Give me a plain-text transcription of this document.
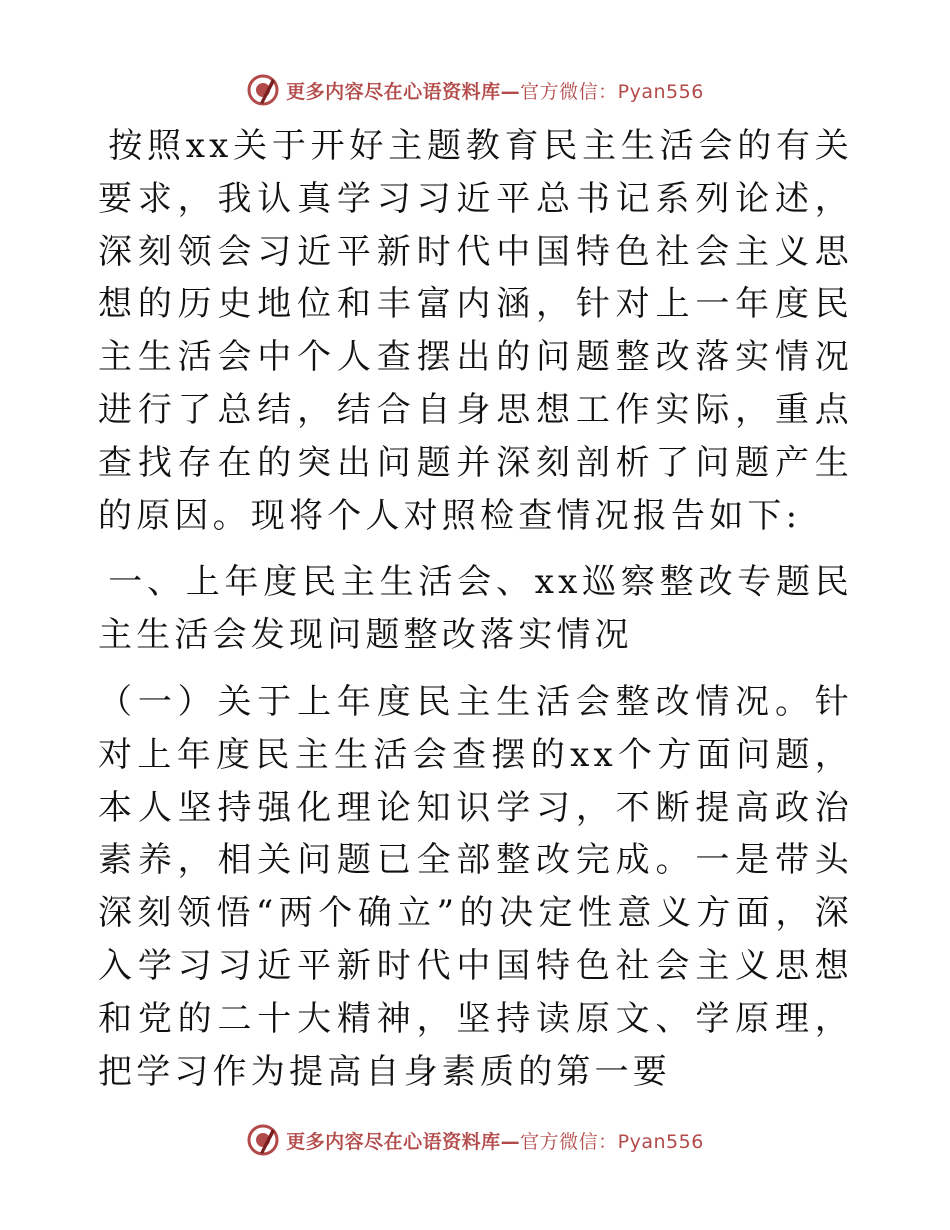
更多内容尽在心语资料库—官方微信：Pyan556

按照xx关于开好主题教育民主生活会的有关要求，我认真学习习近平总书记系列论述，深刻领会习近平新时代中国特色社会主义思想的历史地位和丰富内涵，针对上一年度民主生活会中个人查摆出的问题整改落实情况进行了总结，结合自身思想工作实际，重点查找存在的突出问题并深刻剖析了问题产生的原因。现将个人对照检查情况报告如下:

一、上年度民主生活会、xx巡察整改专题民主生活会发现问题整改落实情况

（一）关于上年度民主生活会整改情况。针对上年度民主生活会查摆的xx个方面问题，本人坚持强化理论知识学习，不断提高政治素养，相关问题已全部整改完成。一是带头深刻领悟“两个确立”的决定性意义方面，深入学习习近平新时代中国特色社会主义思想和党的二十大精神，坚持读原文、学原理，把学习作为提高自身素质的第一要

更多内容尽在心语资料库—官方微信：Pyan556
